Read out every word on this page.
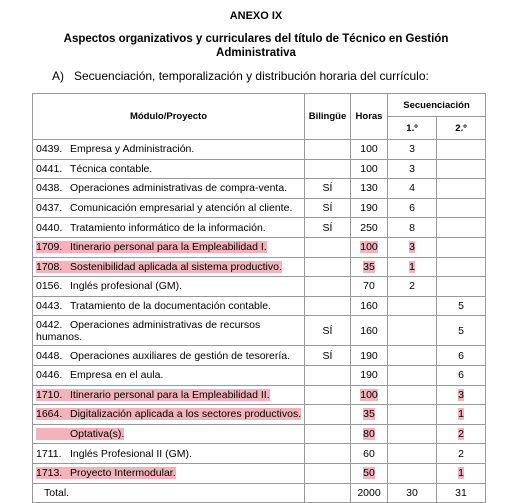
ANEXO IX
Aspectos organizativos y curriculares del título de Técnico en Gestión Administrativa
A) Secuenciación, temporalización y distribución horaria del currículo:
Módulo/Proyecto	Bilingüe	Horas	Secuenciación	
			1.º	2.º
0439. Empresa y Administración.		100	3	
0441. Técnica contable.		100	3	
0438. Operaciones administrativas de compra-venta.	SÍ	130	4	
0437. Comunicación empresarial y atención al cliente.	SÍ	190	6	
0440. Tratamiento informático de la información.	SÍ	250	8	
1709. Itinerario personal para la Empleabilidad I.		100	3	
1708. Sostenibilidad aplicada al sistema productivo.		35	1	
0156. Inglés profesional (GM).		70	2	
0443. Tratamiento de la documentación contable.		160		5
0442. Operaciones administrativas de recursos humanos.	SÍ	160		5
0448. Operaciones auxiliares de gestión de tesorería.	SÍ	190		6
0446. Empresa en el aula.		190		6
1710. Itinerario personal para la Empleabilidad II.		100		3
1664. Digitalización aplicada a los sectores productivos.		35		1
Optativa(s).		80		2
1711. Inglés Profesional II (GM).		60		2
1713. Proyecto Intermodular.		50		1
Total.		2000	30	31
